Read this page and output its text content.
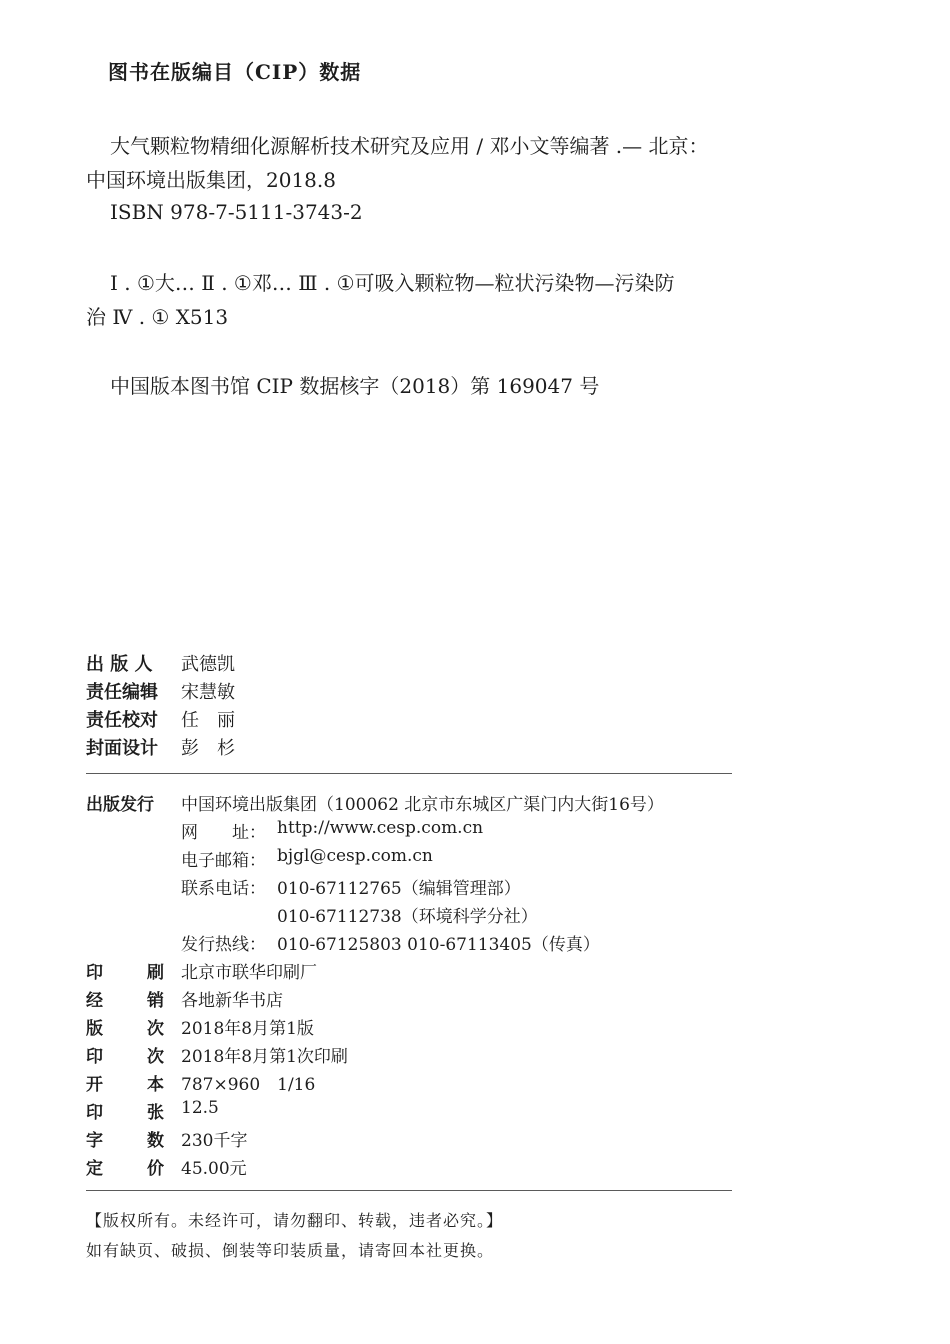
图书在版编目（CIP）数据
大气颗粒物精细化源解析技术研究及应用 / 邓小文等编著 .— 北京：
中国环境出版集团，2018.8
ISBN 978-7-5111-3743-2
Ⅰ . ①大… Ⅱ . ①邓… Ⅲ . ①可吸入颗粒物—粒状污染物—污染防
治 Ⅳ . ① X513
中国版本图书馆 CIP 数据核字（2018）第 169047 号
出 版 人	武德凯
责任编辑	宋慧敏
责任校对	任　丽
封面设计	彭　杉
出版发行 中国环境出版集团（100062 北京市东城区广渠门内大街16号）
网　　址： http://www.cesp.com.cn
电子邮箱： bjgl@cesp.com.cn
联系电话： 010-67112765（编辑管理部）
010-67112738（环境科学分社）
发行热线： 010-67125803 010-67113405（传真）
印	刷 北京市联华印刷厂
经	销 各地新华书店
版	次 2018年8月第1版
印	次 2018年8月第1次印刷
开	本 787×960　1/16
印	张 12.5
字	数 230千字
定	价 45.00元
【版权所有。未经许可，请勿翻印、转载，违者必究。】
如有缺页、破损、倒装等印装质量，请寄回本社更换。
